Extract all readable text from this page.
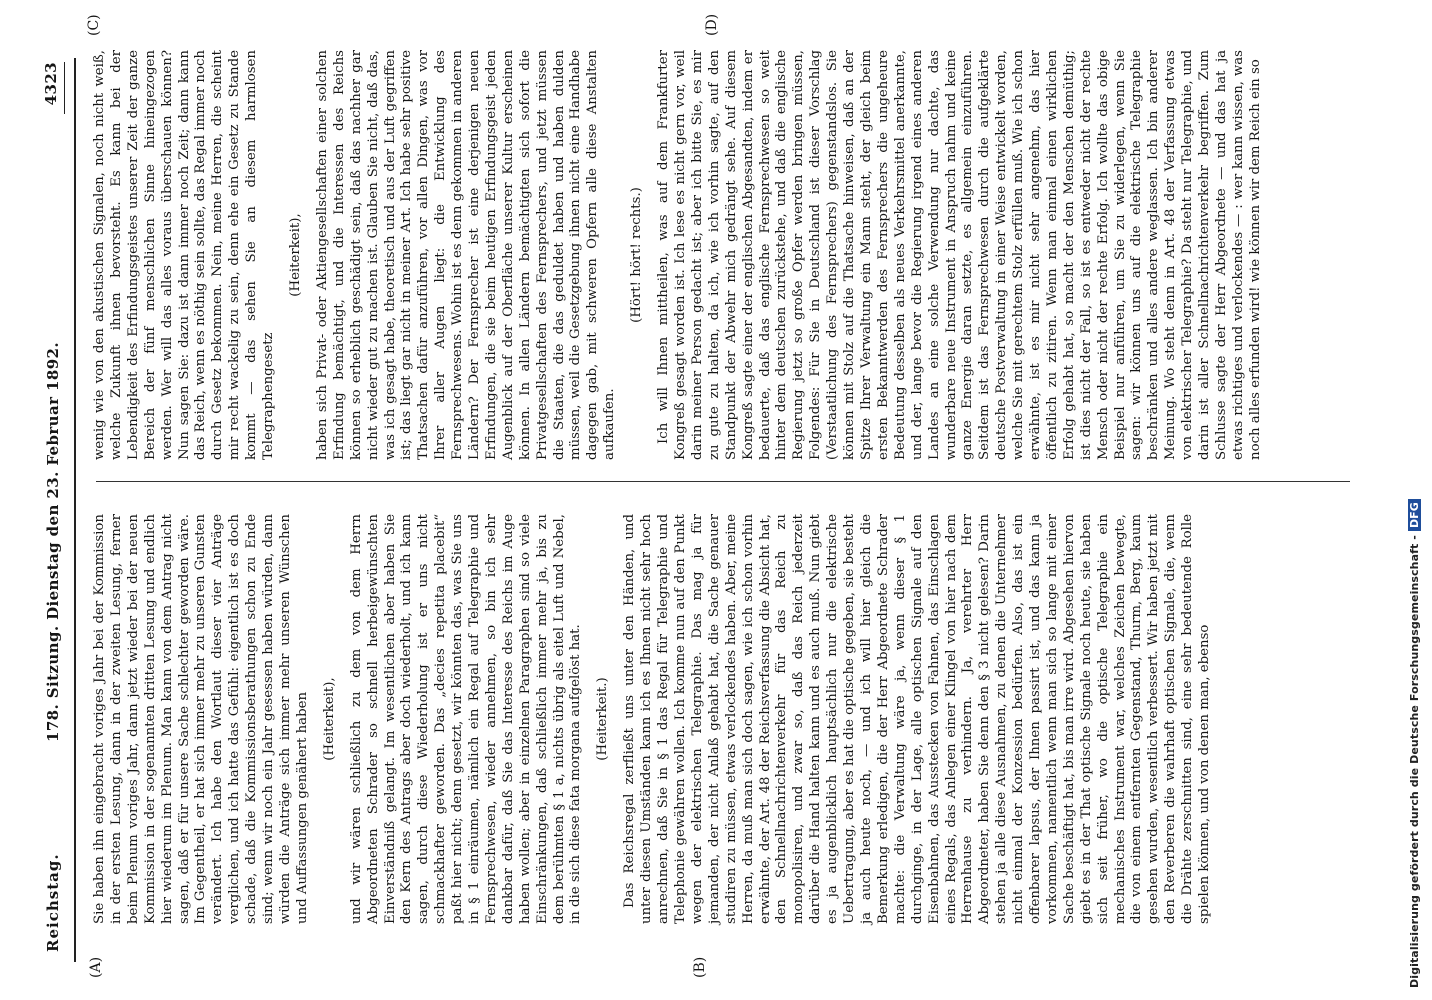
Reichstag.
178. Sitzung. Dienstag den 23. Februar 1892.
4323
(A)	(B)
(C)	(D)

Sie haben ihn eingebracht voriges Jahr bei der Kommission in der ersten Lesung, dann in der zweiten Lesung, ferner beim Plenum voriges Jahr, dann jetzt wieder bei der neuen Kommission in der sogenannten dritten Lesung und endlich hier wiederum im Plenum. Man kann von dem Antrag nicht sagen, daß er für unsere Sache schlechter geworden wäre. Im Gegentheil, er hat sich immer mehr zu unseren Gunsten verändert. Ich habe den Wortlaut dieser vier Anträge verglichen, und ich hatte das Gefühl: eigentlich ist es doch schade, daß die Kommissionsberathungen schon zu Ende sind; wenn wir noch ein Jahr gesessen haben würden, dann würden die Anträge sich immer mehr unseren Wünschen und Auffassungen genähert haben (Heiterkeit), und wir wären schließlich zu dem von dem Herrn Abgeordneten Schrader so schnell herbeigewünschten Einverständniß gelangt. Im wesentlichen aber haben Sie den Kern des Antrags aber doch wiederholt, und ich kann sagen, durch diese Wiederholung ist er uns nicht schmackhafter geworden. Das „decies repetita placebit“ paßt hier nicht; denn gesetzt, wir könnten das, was Sie uns in § 1 einräumen, nämlich ein Regal auf Telegraphie und Fernsprechwesen, wieder annehmen, so bin ich sehr dankbar dafür, daß Sie das Interesse des Reichs im Auge haben wollen; aber in einzelnen Paragraphen sind so viele Einschränkungen, daß schließlich immer mehr ja, bis zu dem berühmten § 1 a, nichts übrig als eitel Luft und Nebel, in die sich diese fata morgana aufgelöst hat. (Heiterkeit.) Das Reichsregal zerfließt uns unter den Händen, und unter diesen Umständen kann ich es Ihnen nicht sehr hoch anrechnen, daß Sie in § 1 das Regal für Telegraphie und Telephonie gewähren wollen. Ich komme nun auf den Punkt wegen der elektrischen Telegraphie. Das mag ja für jemanden, der nicht Anlaß gehabt hat, die Sache genauer studiren zu müssen, etwas verlockendes haben. Aber, meine Herren, da muß man sich doch sagen, wie ich schon vorhin erwähnte, der Art. 48 der Reichsverfassung die Absicht hat, den Schnellnachrichtenverkehr für das Reich zu monopolisiren, und zwar so, daß das Reich jederzeit darüber die Hand halten kann und es auch muß. Nun giebt es ja augenblicklich hauptsächlich nur die elektrische Uebertragung, aber es hat die optische gegeben, sie besteht ja auch heute noch, — und ich will hier gleich die Bemerkung erledigen, die der Herr Abgeordnete Schrader machte: die Verwaltung wäre ja, wenn dieser § 1 durchginge, in der Lage, alle optischen Signale auf den Eisenbahnen, das Ausstecken von Fahnen, das Einschlagen eines Regals, das Anlegen einer Klingel von hier nach dem Herrenhause zu verhindern. Ja, verehrter Herr Abgeordneter, haben Sie denn den § 3 nicht gelesen? Darin stehen ja alle diese Ausnahmen, zu denen die Unternehmer nicht einmal der Konzession bedürfen. Also, das ist ein offenbarer lapsus, der Ihnen passirt ist, und das kann ja vorkommen, namentlich wenn man sich so lange mit einer Sache beschäftigt hat, bis man irre wird. Abgesehen hiervon giebt es in der That optische Signale noch heute, sie haben sich seit früher, wo die optische Telegraphie ein mechanisches Instrument war, welches Zeichen bewegte, die von einem entfernten Gegenstand, Thurm, Berg, kaum gesehen wurden, wesentlich verbessert. Wir haben jetzt mit den Reverberen die wahrhaft optischen Signale, die, wenn die Drähte zerschnitten sind, eine sehr bedeutende Rolle spielen können, und von denen man, ebenso

wenig wie von den akustischen Signalen, noch nicht weiß, welche Zukunft ihnen bevorsteht. Es kann bei der Lebendigkeit des Erfindungsgeistes unserer Zeit der ganze Bereich der fünf menschlichen Sinne hineingezogen werden. Wer will das alles voraus überschauen können? Nun sagen Sie: dazu ist dann immer noch Zeit; dann kann das Reich, wenn es nöthig sein sollte, das Regal immer noch durch Gesetz bekommen. Nein, meine Herren, die scheint mir recht wackelig zu sein, denn ehe ein Gesetz zu Stande kommt — das sehen Sie an diesem harmlosen Telegraphengesetz

(Heiterkeit), haben sich Privat- oder Aktiengesellschaften einer solchen Erfindung bemächtigt, und die Interessen des Reichs können so erheblich geschädigt sein, daß das nachher gar nicht wieder gut zu machen ist. Glauben Sie nicht, daß das, was ich gesagt habe, theoretisch und aus der Luft gegriffen ist; das liegt gar nicht in meiner Art. Ich habe sehr positive Thatsachen dafür anzuführen, vor allen Dingen, was vor Ihrer aller Augen liegt: die Entwicklung des Fernsprechwesens. Wohin ist es denn gekommen in anderen Ländern? Der Fernsprecher ist eine derjenigen neuen Erfindungen, die sie beim heutigen Erfindungsgeist jeden Augenblick auf der Oberfläche unserer Kultur erscheinen können. In allen Ländern bemächtigten sich sofort die Privatgesellschaften des Fernsprechers, und jetzt müssen die Staaten, die das geduldet haben und haben dulden müssen, weil die Gesetzgebung ihnen nicht eine Handhabe dagegen gab, mit schweren Opfern alle diese Anstalten aufkaufen.

(Hört! hört! rechts.) Ich will Ihnen mittheilen, was auf dem Frankfurter Kongreß gesagt worden ist. Ich lese es nicht gern vor, weil darin meiner Person gedacht ist; aber ich bitte Sie, es mir zu gute zu halten, da ich, wie ich vorhin sagte, auf den Standpunkt der Abwehr mich gedrängt sehe. Auf diesem Kongreß sagte einer der englischen Abgesandten, indem er bedauerte, daß das englische Fernsprechwesen so weit hinter dem deutschen zurückstehe, und daß die englische Regierung jetzt so große Opfer werden bringen müssen, Folgendes: Für Sie in Deutschland ist dieser Vorschlag (Verstaatlichung des Fernsprechers) gegenstandslos. Sie können mit Stolz auf die Thatsache hinweisen, daß an der Spitze Ihrer Verwaltung ein Mann steht, der gleich beim ersten Bekanntwerden des Fernsprechers die ungeheure Bedeutung desselben als neues Verkehrsmittel anerkannte, und der, lange bevor die Regierung irgend eines anderen Landes an eine solche Verwendung nur dachte, das wunderbare neue Instrument in Anspruch nahm und keine ganze Energie daran setzte, es allgemein einzuführen. Seitdem ist das Fernsprechwesen durch die aufgeklärte deutsche Postverwaltung in einer Weise entwickelt worden, welche Sie mit gerechtem Stolz erfüllen muß. Wie ich schon erwähnte, ist es mir nicht sehr angenehm, das hier öffentlich zu zitiren. Wenn man einmal einen wirklichen Erfolg gehabt hat, so macht der den Menschen demüthig; ist dies nicht der Fall, so ist es entweder nicht der rechte Mensch oder nicht der rechte Erfolg. Ich wollte das obige Beispiel nur anführen, um Sie zu widerlegen, wenn Sie sagen: wir können uns auf die elektrische Telegraphie beschränken und alles andere weglassen. Ich bin anderer Meinung. Wo steht denn in Art. 48 der Verfassung etwas von elektrischer Telegraphie? Da steht nur Telegraphie, und darin ist aller Schnellnachrichtenverkehr begriffen. Zum Schlusse sagte der Herr Abgeordnete — und das hat ja etwas richtiges und verlockendes — : wer kann wissen, was noch alles erfunden wird! wie können wir dem Reich ein so

Digitalisierung gefördert durch die Deutsche Forschungsgemeinschaft -DFG
